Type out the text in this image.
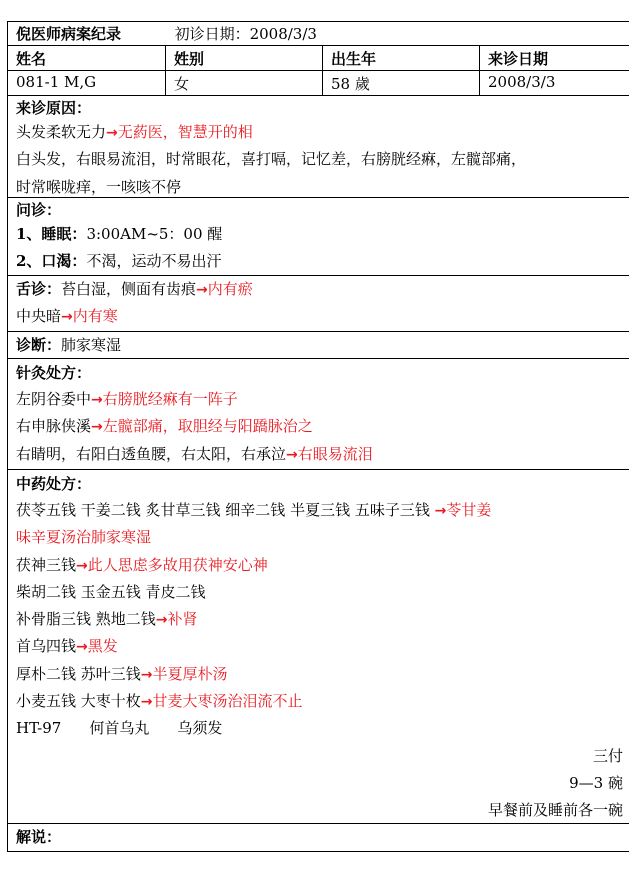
倪医师病案纪录	初诊日期：2008/3/3
姓名	姓别	出生年	来诊日期
081-1 M,G	女	58 歲	2008/3/3
来诊原因：
头发柔软无力→无葯医，智慧开的相
白头发，右眼易流泪，时常眼花，喜打嗝，记忆差，右膀胱经痳，左髋部痛，
时常喉咙痒，一咳咳不停
问诊：
1、睡眠：3:00AM~5：00 醒
2、口渴：不渴，运动不易出汗
舌诊：苔白湿，侧面有齿痕→内有瘀
中央暗→内有寒
诊断：肺家寒湿
针灸处方：
左阴谷委中→右膀胱经痳有一阵子
右申脉侠溪→左髋部痛，取胆经与阳蹻脉治之
右睛明，右阳白透鱼腰，右太阳，右承泣→右眼易流泪
中药处方：
茯苓五钱 干姜二钱 炙甘草三钱 细辛二钱 半夏三钱 五味子三钱 →苓甘姜
味辛夏汤治肺家寒湿
茯神三钱→此人思虑多故用茯神安心神
柴胡二钱 玉金五钱 青皮二钱
补骨脂三钱 熟地二钱→补肾
首乌四钱→黑发
厚朴二钱 苏叶三钱→半夏厚朴汤
小麦五钱 大枣十枚→甘麦大枣汤治泪流不止
HT-97 何首乌丸 乌须发
三付
9—3 碗
早餐前及睡前各一碗
解说：
